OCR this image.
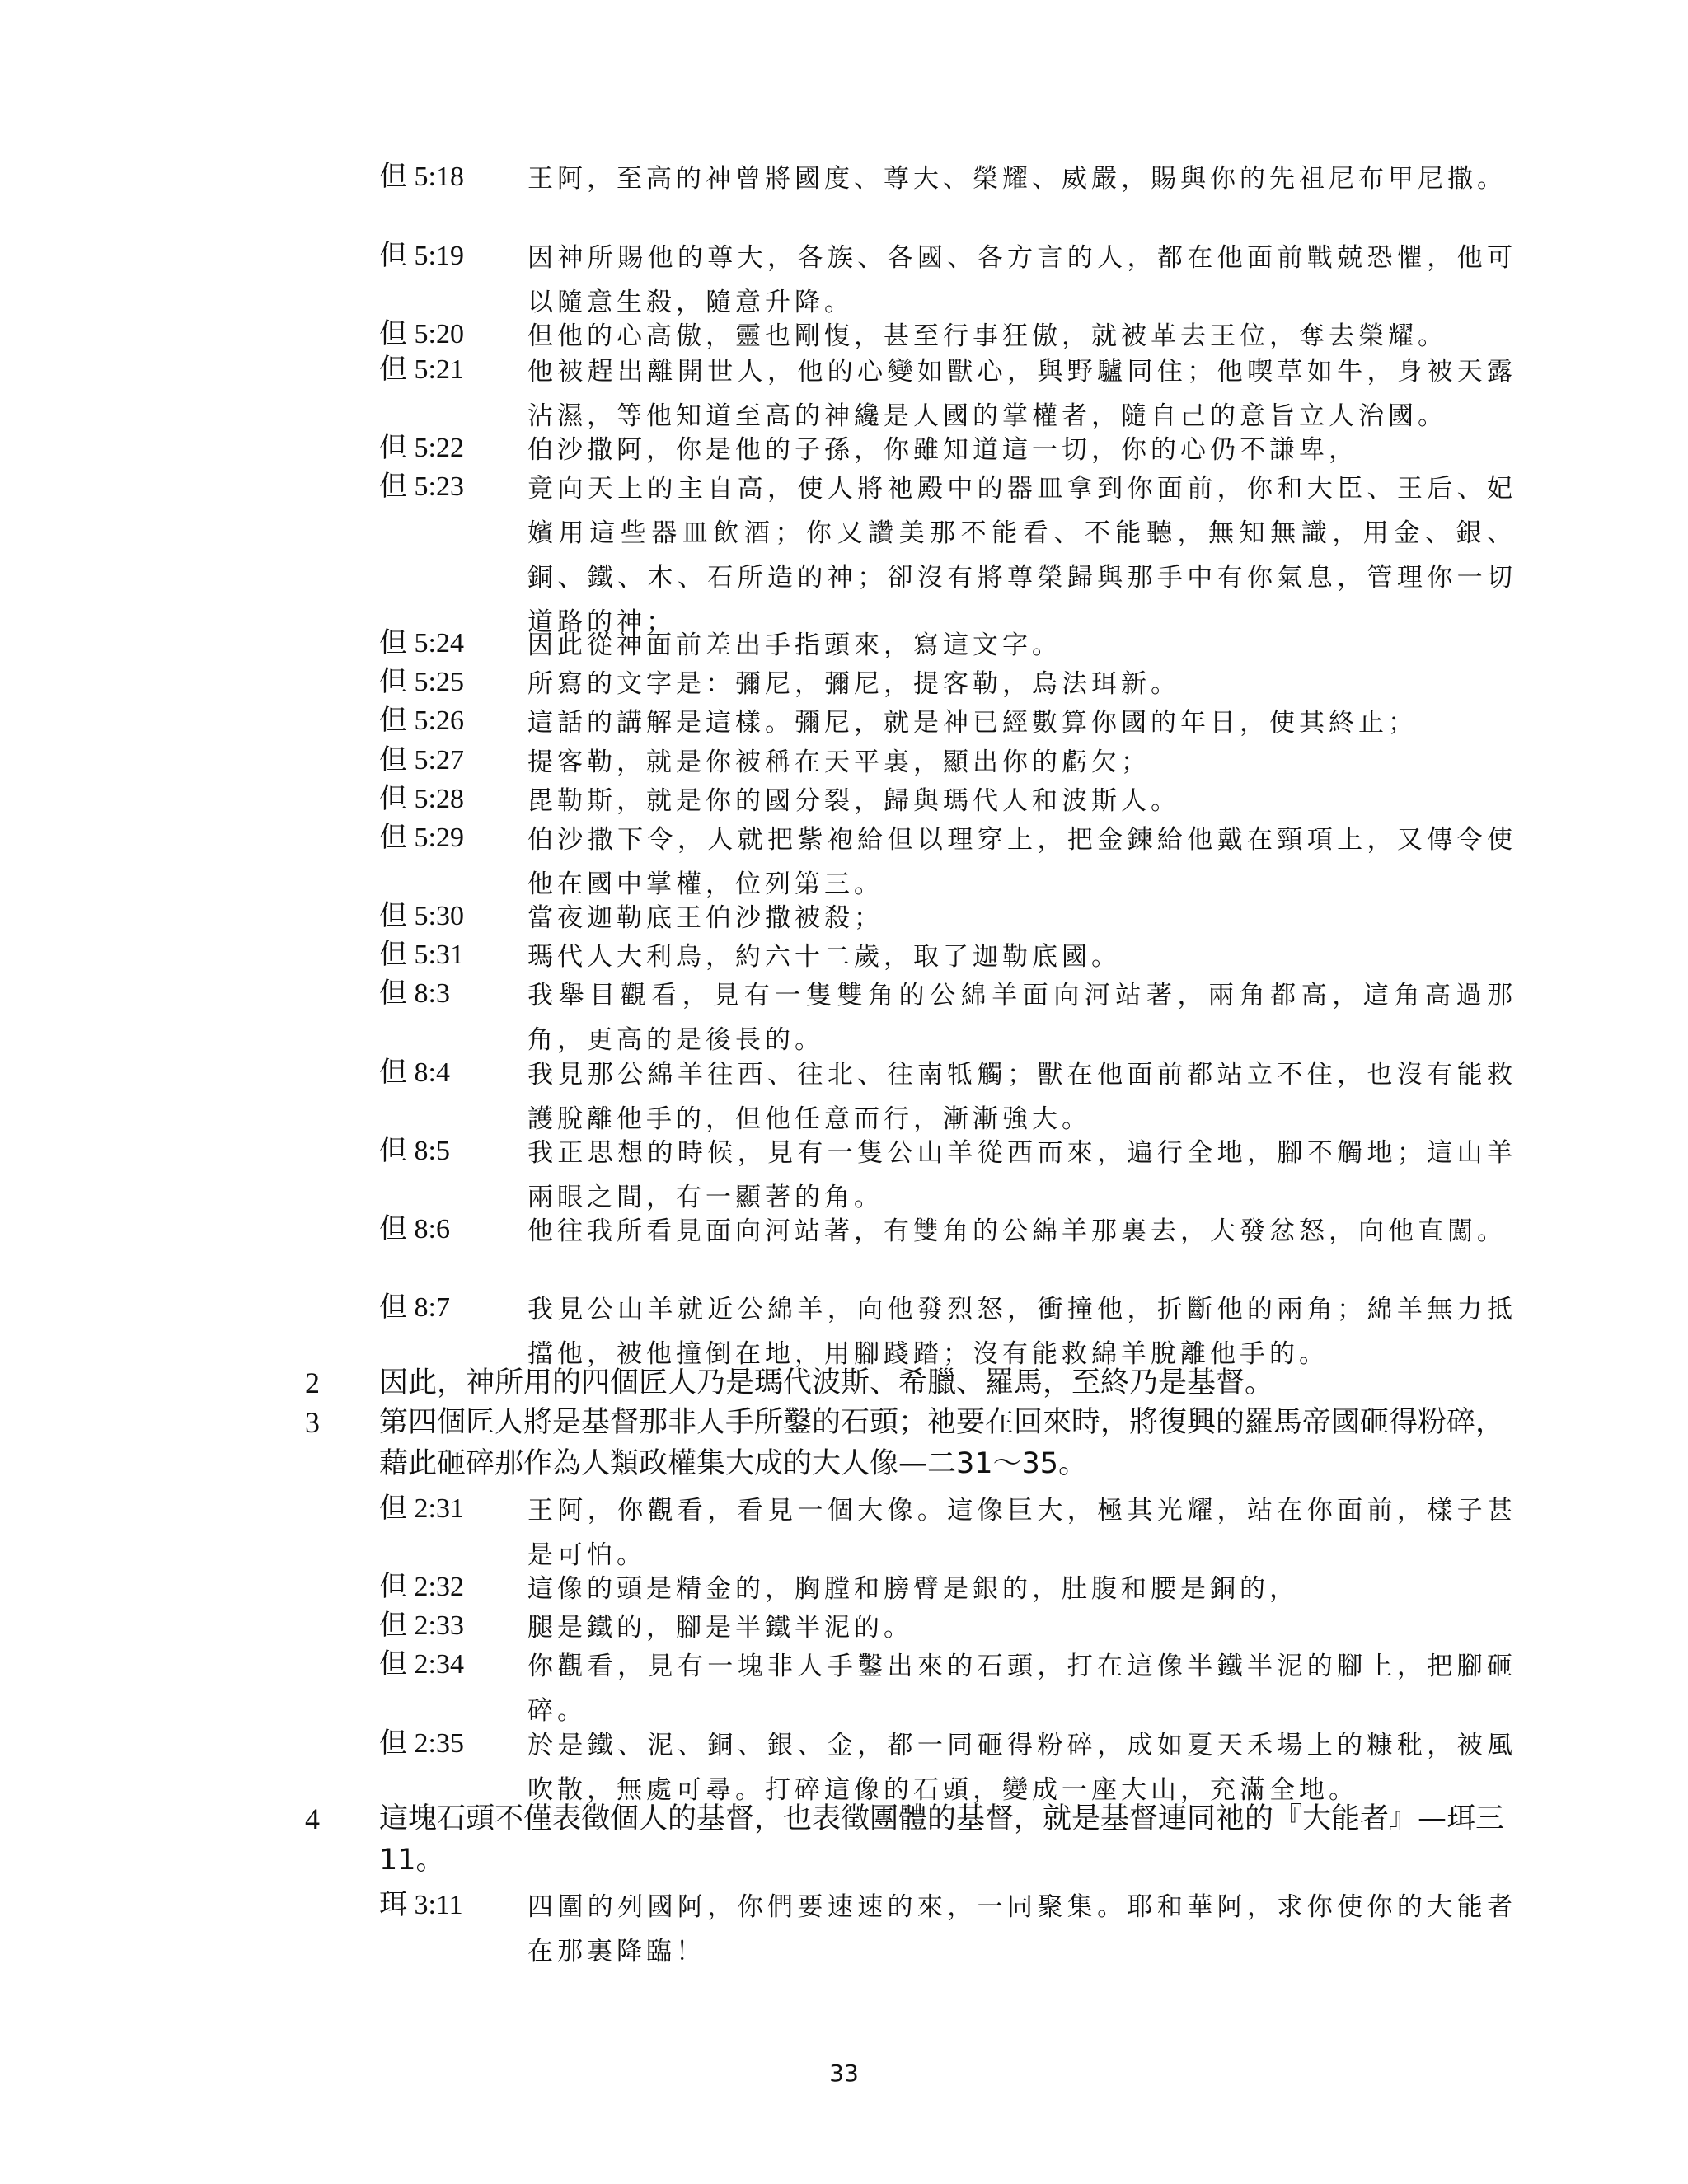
但 5:18 王阿，至高的神曾將國度、尊大、榮耀、威嚴，賜與你的先祖尼布甲尼撒。
但 5:19 因神所賜他的尊大，各族、各國、各方言的人，都在他面前戰兢恐懼，他可以隨意生殺，隨意升降。
但 5:20 但他的心高傲，靈也剛愎，甚至行事狂傲，就被革去王位，奪去榮耀。
但 5:21 他被趕出離開世人，他的心變如獸心，與野驢同住；他喫草如牛，身被天露沾濕，等他知道至高的神纔是人國的掌權者，隨自己的意旨立人治國。
但 5:22 伯沙撒阿，你是他的子孫，你雖知道這一切，你的心仍不謙卑，
但 5:23 竟向天上的主自高，使人將祂殿中的器皿拿到你面前，你和大臣、王后、妃嬪用這些器皿飲酒；你又讚美那不能看、不能聽，無知無識，用金、銀、銅、鐵、木、石所造的神；卻沒有將尊榮歸與那手中有你氣息，管理你一切道路的神；
但 5:24 因此從神面前差出手指頭來，寫這文字。
但 5:25 所寫的文字是：彌尼，彌尼，提客勒，烏法珥新。
但 5:26 這話的講解是這樣。彌尼，就是神已經數算你國的年日，使其終止；
但 5:27 提客勒，就是你被稱在天平裏，顯出你的虧欠；
但 5:28 毘勒斯，就是你的國分裂，歸與瑪代人和波斯人。
但 5:29 伯沙撒下令，人就把紫袍給但以理穿上，把金鍊給他戴在頸項上，又傳令使他在國中掌權，位列第三。
但 5:30 當夜迦勒底王伯沙撒被殺；
但 5:31 瑪代人大利烏，約六十二歲，取了迦勒底國。
但 8:3	我舉目觀看，見有一隻雙角的公綿羊面向河站著，兩角都高，這角高過那角，更高的是後長的。
但 8:4	我見那公綿羊往西、往北、往南牴觸；獸在他面前都站立不住，也沒有能救護脫離他手的，但他任意而行，漸漸強大。
但 8:5	我正思想的時候，見有一隻公山羊從西而來，遍行全地，腳不觸地；這山羊兩眼之間，有一顯著的角。
但 8:6	他往我所看見面向河站著，有雙角的公綿羊那裏去，大發忿怒，向他直闖。
但 8:7	我見公山羊就近公綿羊，向他發烈怒，衝撞他，折斷他的兩角；綿羊無力抵擋他，被他撞倒在地，用腳踐踏；沒有能救綿羊脫離他手的。
2 因此，神所用的四個匠人乃是瑪代波斯、希臘、羅馬，至終乃是基督。
3 第四個匠人將是基督那非人手所鑿的石頭；祂要在回來時，將復興的羅馬帝國砸得粉碎，藉此砸碎那作為人類政權集大成的大人像—二31～35。
但 2:31 王阿，你觀看，看見一個大像。這像巨大，極其光耀，站在你面前，樣子甚是可怕。
但 2:32 這像的頭是精金的，胸膛和膀臂是銀的，肚腹和腰是銅的，
但 2:33 腿是鐵的，腳是半鐵半泥的。
但 2:34 你觀看，見有一塊非人手鑿出來的石頭，打在這像半鐵半泥的腳上，把腳砸碎。
但 2:35 於是鐵、泥、銅、銀、金，都一同砸得粉碎，成如夏天禾場上的糠秕，被風吹散，無處可尋。打碎這像的石頭，變成一座大山，充滿全地。
4 這塊石頭不僅表徵個人的基督，也表徵團體的基督，就是基督連同祂的『大能者』—珥三11。
珥 3:11	四圍的列國阿，你們要速速的來，一同聚集。耶和華阿，求你使你的大能者在那裏降臨！
33
